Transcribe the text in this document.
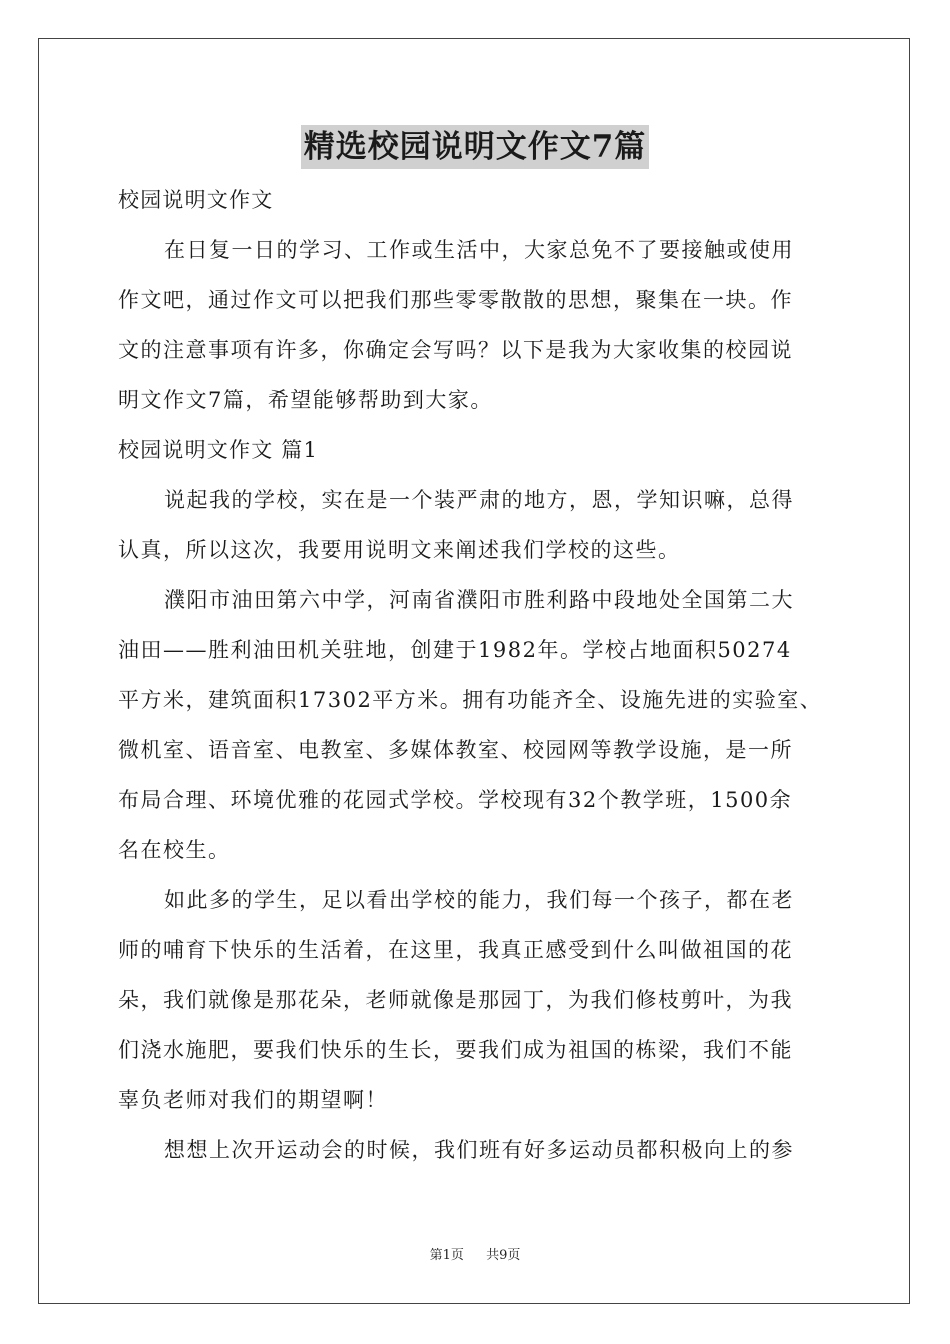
精选校园说明文作文7篇
校园说明文作文
在日复一日的学习、工作或生活中，大家总免不了要接触或使用
作文吧，通过作文可以把我们那些零零散散的思想，聚集在一块。作
文的注意事项有许多，你确定会写吗？以下是我为大家收集的校园说
明文作文7篇，希望能够帮助到大家。
校园说明文作文 篇1
说起我的学校，实在是一个装严肃的地方，恩，学知识嘛，总得
认真，所以这次，我要用说明文来阐述我们学校的这些。
濮阳市油田第六中学，河南省濮阳市胜利路中段地处全国第二大
油田——胜利油田机关驻地，创建于1982年。学校占地面积50274
平方米，建筑面积17302平方米。拥有功能齐全、设施先进的实验室、
微机室、语音室、电教室、多媒体教室、校园网等教学设施，是一所
布局合理、环境优雅的花园式学校。学校现有32个教学班，1500余
名在校生。
如此多的学生，足以看出学校的能力，我们每一个孩子，都在老
师的哺育下快乐的生活着，在这里，我真正感受到什么叫做祖国的花
朵，我们就像是那花朵，老师就像是那园丁，为我们修枝剪叶，为我
们浇水施肥，要我们快乐的生长，要我们成为祖国的栋梁，我们不能
辜负老师对我们的期望啊！
想想上次开运动会的时候，我们班有好多运动员都积极向上的参
第1页 共9页
